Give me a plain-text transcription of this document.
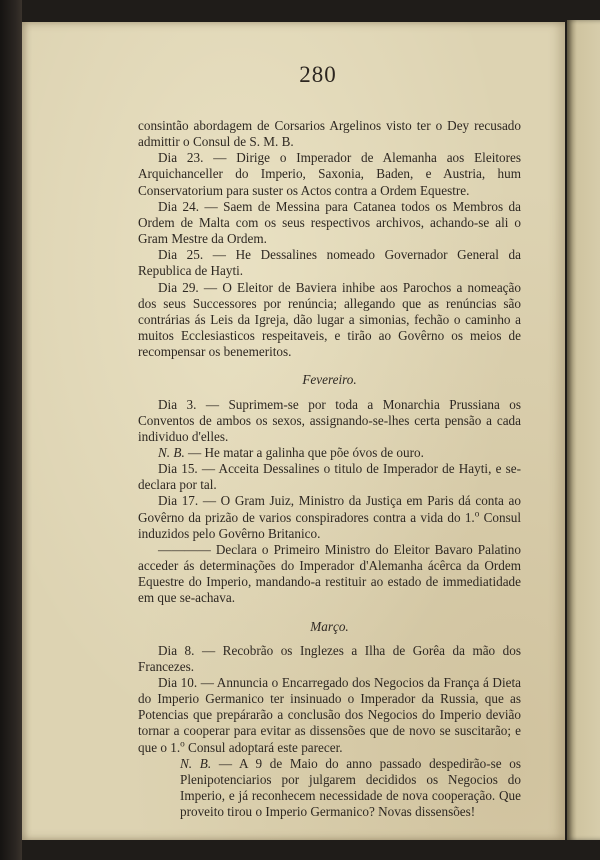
280

consintão abordagem de Corsarios Argelinos visto ter o Dey recusado admittir o Consul de S. M. B.

Dia 23. — Dirige o Imperador de Alemanha aos Eleitores Arquichanceller do Imperio, Saxonia, Baden, e Austria, hum Conservatorium para suster os Actos contra a Ordem Equestre.

Dia 24. — Saem de Messina para Catanea todos os Membros da Ordem de Malta com os seus respectivos archivos, achando-se ali o Gram Mestre da Ordem.

Dia 25. — He Dessalines nomeado Governador General da Republica de Hayti.

Dia 29. — O Eleitor de Baviera inhibe aos Parochos a nomeação dos seus Successores por renúncia; allegando que as renúncias são contrárias ás Leis da Igreja, dão lugar a simonias, fechão o caminho a muitos Ecclesiasticos respeitaveis, e tirão ao Govêrno os meios de recompensar os benemeritos.

Fevereiro.

Dia 3. — Suprimem-se por toda a Monarchia Prussiana os Conventos de ambos os sexos, assignando-se-lhes certa pensão a cada individuo d'elles.

N. B. — He matar a galinha que põe óvos de ouro.

Dia 15. — Acceita Dessalines o titulo de Imperador de Hayti, e se-declara por tal.

Dia 17. — O Gram Juiz, Ministro da Justiça em Paris dá conta ao Govêrno da prizão de varios conspiradores contra a vida do 1.$^o$ Consul induzidos pelo Govêrno Britanico.

———— Declara o Primeiro Ministro do Eleitor Bavaro Palatino acceder ás determinações do Imperador d'Alemanha ácêrca da Ordem Equestre do Imperio, mandando-a restituir ao estado de immediatidade em que se-achava.

Março.

Dia 8. — Recobrão os Inglezes a Ilha de Gorêa da mão dos Francezes.

Dia 10. — Annuncia o Encarregado dos Negocios da França á Dieta do Imperio Germanico ter insinuado o Imperador da Russia, que as Potencias que prepárarão a conclusão dos Negocios do Imperio devião tornar a cooperar para evitar as dissensões que de novo se suscitarão; e que o 1.$^o$ Consul adoptará este parecer.

N. B. — A 9 de Maio do anno passado despedirão-se os Plenipotenciarios por julgarem decididos os Negocios do Imperio, e já reconhecem necessidade de nova cooperação. Que proveito tirou o Imperio Germanico? Novas dissensões!
